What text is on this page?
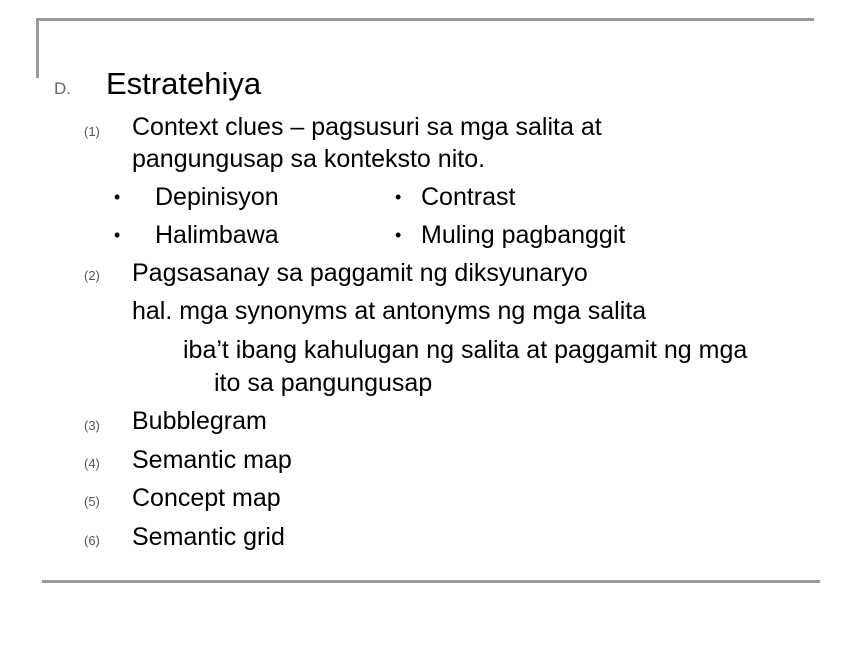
D. Estratehiya
(1) Context clues – pagsusuri sa mga salita at
pangungusap sa konteksto nito.
• Depinisyon	• Contrast
• Halimbawa	• Muling pagbanggit
(2) Pagsasanay sa paggamit ng diksyunaryo
hal. mga synonyms at antonyms ng mga salita
iba’t ibang kahulugan ng salita at paggamit ng mga
ito sa pangungusap
(3) Bubblegram
(4) Semantic map
(5) Concept map
(6) Semantic grid
